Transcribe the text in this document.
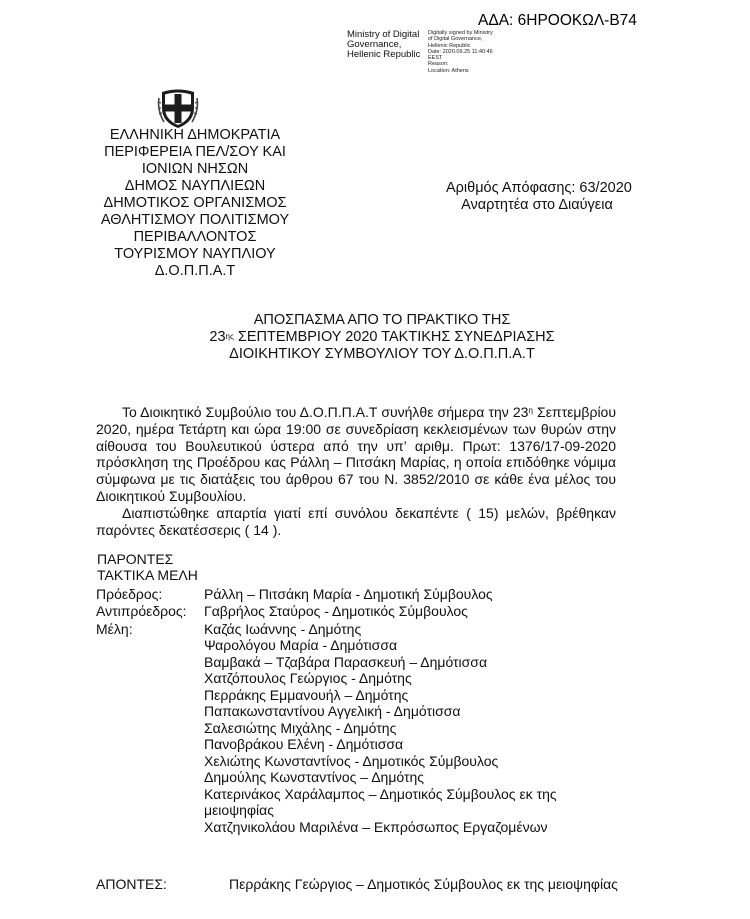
ΑΔΑ: 6ΗΡΟΟΚΩΛ-Β74
Ministry of Digital
Governance,
Hellenic Republic
Digitally signed by Ministry
of Digital Governance,
Hellenic Republic
Date: 2020.09.25 11:40:46
EEST
Reason:
Location: Athens
ΕΛΛΗΝΙΚΗ ΔΗΜΟΚΡΑΤΙΑ
ΠΕΡΙΦΕΡΕΙΑ ΠΕΛ/ΣΟΥ ΚΑΙ
ΙΟΝΙΩΝ ΝΗΣΩΝ
ΔΗΜΟΣ ΝΑΥΠΛΙΕΩΝ
ΔΗΜΟΤΙΚΟΣ ΟΡΓΑΝΙΣΜΟΣ
ΑΘΛΗΤΙΣΜΟΥ ΠΟΛΙΤΙΣΜΟΥ
ΠΕΡΙΒΑΛΛΟΝΤΟΣ
ΤΟΥΡΙΣΜΟΥ ΝΑΥΠΛΙΟΥ
Δ.Ο.Π.Π.Α.Τ
Αριθμός Απόφασης: 63/2020
Αναρτητέα στο Διαύγεια
ΑΠΟΣΠΑΣΜΑ ΑΠΟ ΤΟ ΠΡΑΚΤΙΚΟ ΤΗΣ
$23^{\eta\varsigma}$ ΣΕΠΤΕΜΒΡΙΟΥ 2020 ΤΑΚΤΙΚΗΣ ΣΥΝΕΔΡΙΑΣΗΣ
ΔΙΟΙΚΗΤΙΚΟΥ ΣΥΜΒΟΥΛΙΟΥ ΤΟΥ Δ.Ο.Π.Π.Α.Τ

Το Διοικητικό Συμβούλιο του Δ.Ο.Π.Π.Α.Τ συνήλθε σήμερα την $23^\eta$ Σεπτεμβρίου 2020, ημέρα Τετάρτη και ώρα 19:00 σε συνεδρίαση κεκλεισμένων των θυρών στην αίθουσα του Βουλευτικού ύστερα από την υπ’ αριθμ. Πρωτ: 1376/17-09-2020 πρόσκληση της Προέδρου κας Ράλλη – Πιτσάκη Μαρίας, η οποία επιδόθηκε νόμιμα σύμφωνα με τις διατάξεις του άρθρου 67 του Ν. 3852/2010 σε κάθε ένα μέλος του Διοικητικού Συμβουλίου.

Διαπιστώθηκε απαρτία γιατί επί συνόλου δεκαπέντε ( 15) μελών, βρέθηκαν παρόντες δεκατέσσερις ( 14 ).

ΠΑΡΟΝΤΕΣ
ΤΑΚΤΙΚΑ ΜΕΛΗ
Πρόεδρος:	Ράλλη – Πιτσάκη Μαρία - Δημοτική Σύμβουλος
Αντιπρόεδρος: Γαβρήλος Σταύρος - Δημοτικός Σύμβουλος
Μέλη:	Καζάς Ιωάννης - Δημότης
Ψαρολόγου Μαρία - Δημότισσα
Βαμβακά – Τζαβάρα Παρασκευή – Δημότισσα
Χατζόπουλος Γεώργιος - Δημότης
Περράκης Εμμανουήλ – Δημότης
Παπακωνσταντίνου Αγγελική - Δημότισσα
Σαλεσιώτης Μιχάλης - Δημότης
Πανοβράκου Ελένη - Δημότισσα
Χελιώτης Κωνσταντίνος - Δημοτικός Σύμβουλος
Δημούλης Κωνσταντίνος – Δημότης
Κατερινάκος Χαράλαμπος – Δημοτικός Σύμβουλος εκ της
μειοψηφίας
Χατζηνικολάου Μαριλένα – Εκπρόσωπος Εργαζομένων
ΑΠΟΝΤΕΣ:	Περράκης Γεώργιος – Δημοτικός Σύμβουλος εκ της μειοψηφίας
